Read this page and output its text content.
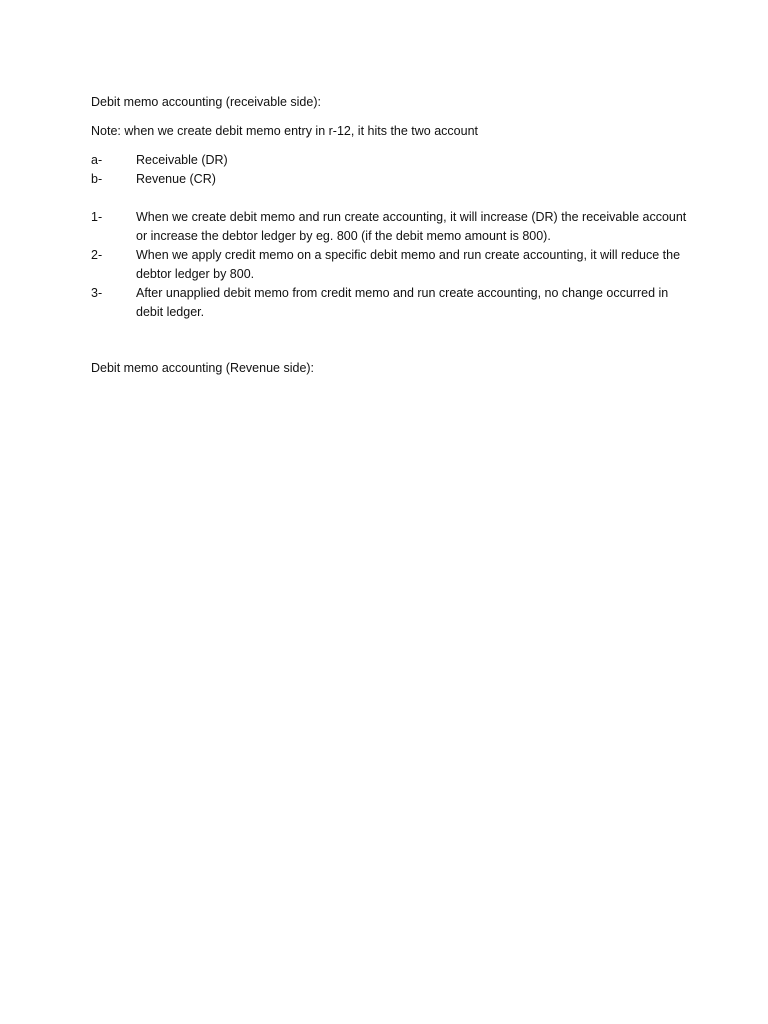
Debit memo accounting (receivable side):

Note: when we create debit memo entry in r-12, it hits the two account

a-	Receivable (DR)
b-	Revenue (CR)
1-	When we create debit memo and run create accounting, it will increase (DR) the receivable account or increase the debtor ledger by eg. 800 (if the debit memo amount is 800).
2-	When we apply credit memo on a specific debit memo and run create accounting, it will reduce the debtor ledger by 800.
3-	After unapplied debit memo from credit memo and run create accounting, no change occurred in debit ledger.

Debit memo accounting (Revenue side):
